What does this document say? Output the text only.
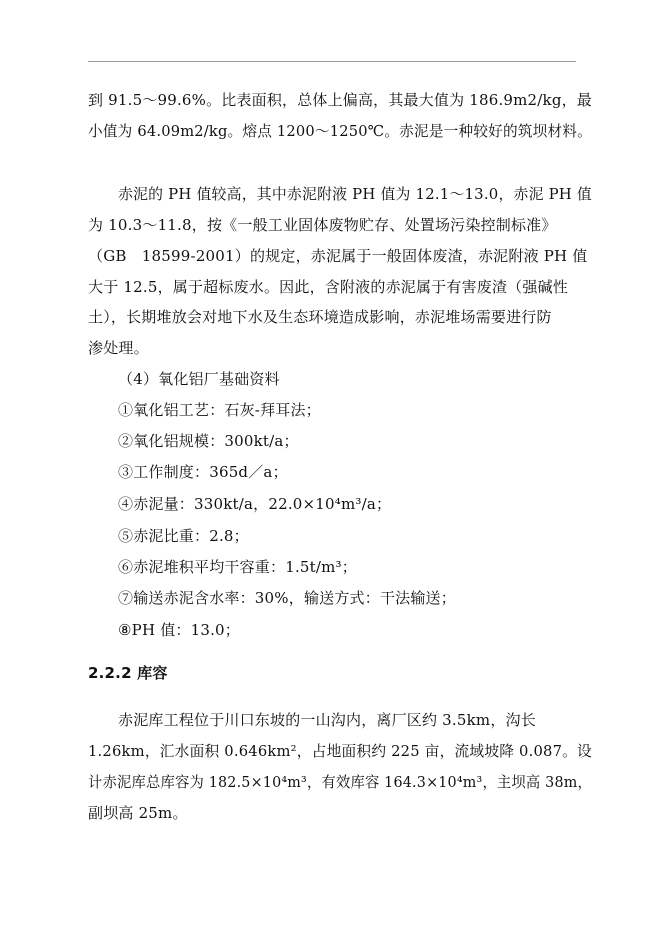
到 91.5～99.6%。比表面积，总体上偏高，其最大值为 186.9m2/kg，最
小值为 64.09m2/kg。熔点 1200～1250℃。赤泥是一种较好的筑坝材料。
赤泥的 PH 值较高，其中赤泥附液 PH 值为 12.1～13.0，赤泥 PH 值
为 10.3～11.8，按《一般工业固体废物贮存、处置场污染控制标准》
（GB　18599-2001）的规定，赤泥属于一般固体废渣，赤泥附液 PH 值
大于 12.5，属于超标废水。因此，含附液的赤泥属于有害废渣（强碱性
土），长期堆放会对地下水及生态环境造成影响，赤泥堆场需要进行防
渗处理。
（4）氧化铝厂基础资料
①氧化铝工艺：石灰-拜耳法；
②氧化铝规模：300kt/a；
③工作制度：365d／a；
④赤泥量：330kt/a，22.0×10⁴m³/a；
⑤赤泥比重：2.8；
⑥赤泥堆积平均干容重：1.5t/m³；
⑦输送赤泥含水率：30%，输送方式：干法输送；
⑧PH 值：13.0；
2.2.2 库容
赤泥库工程位于川口东坡的一山沟内，离厂区约 3.5km，沟长
1.26km，汇水面积 0.646km²，占地面积约 225 亩，流域坡降 0.087。设
计赤泥库总库容为 182.5×10⁴m³，有效库容 164.3×10⁴m³，主坝高 38m，
副坝高 25m。
